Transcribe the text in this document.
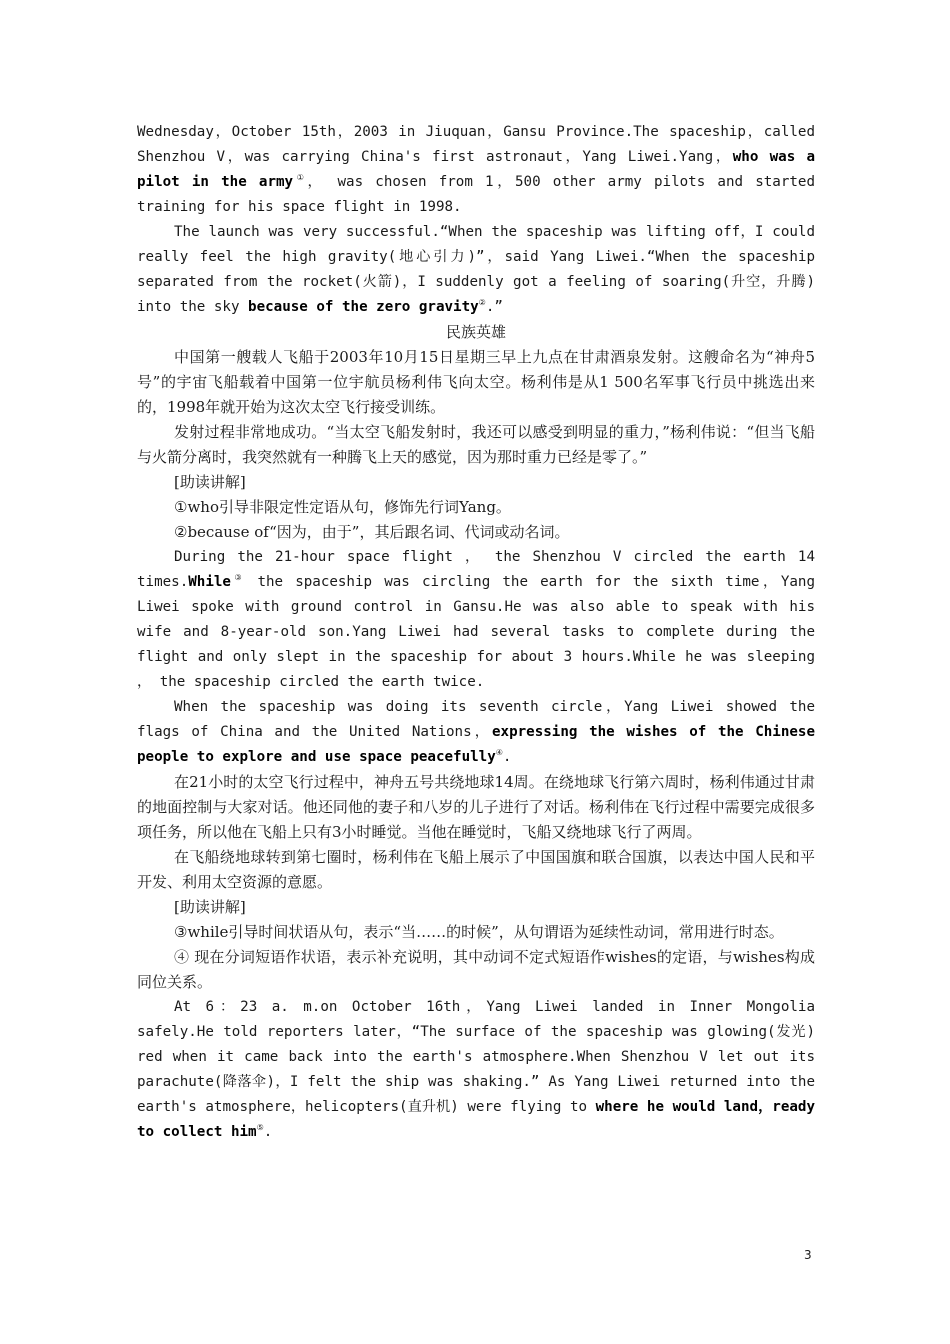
Wednesday，October 15th，2003 in Jiuquan，Gansu Province.The spaceship，called Shenzhou V，was carrying China's first astronaut，Yang Liwei.Yang，who was a pilot in the army①， was chosen from 1，500 other army pilots and started training for his space flight in 1998.

The launch was very successful.“When the spaceship was lifting off，I could really feel the high gravity(地心引力)”，said Yang Liwei.“When the spaceship separated from the rocket(火箭)，I suddenly got a feeling of soaring(升空，升腾) into the sky because of the zero gravity②.”

民族英雄

中国第一艘载人飞船于2003年10月15日星期三早上九点在甘肃酒泉发射。这艘命名为“神舟5号”的宇宙飞船载着中国第一位宇航员杨利伟飞向太空。杨利伟是从1 500名军事飞行员中挑选出来的，1998年就开始为这次太空飞行接受训练。

发射过程非常地成功。“当太空飞船发射时，我还可以感受到明显的重力，”杨利伟说：“但当飞船与火箭分离时，我突然就有一种腾飞上天的感觉，因为那时重力已经是零了。”

[助读讲解]

①who引导非限定性定语从句，修饰先行词Yang。

②because of“因为，由于”，其后跟名词、代词或动名词。

During the 21-hour space flight ， the Shenzhou V circled the earth 14 times.While③ the spaceship was circling the earth for the sixth time，Yang Liwei spoke with ground control in Gansu.He was also able to speak with his wife and 8-year-old son.Yang Liwei had several tasks to complete during the flight and only slept in the spaceship for about 3 hours.While he was sleeping ， the spaceship circled the earth twice.

When the spaceship was doing its seventh circle，Yang Liwei showed the flags of China and the United Nations，expressing the wishes of the Chinese people to explore and use space peacefully④.

在21小时的太空飞行过程中，神舟五号共绕地球14周。在绕地球飞行第六周时，杨利伟通过甘肃的地面控制与大家对话。他还同他的妻子和八岁的儿子进行了对话。杨利伟在飞行过程中需要完成很多项任务，所以他在飞船上只有3小时睡觉。当他在睡觉时，飞船又绕地球飞行了两周。

在飞船绕地球转到第七圈时，杨利伟在飞船上展示了中国国旗和联合国旗，以表达中国人民和平开发、利用太空资源的意愿。

[助读讲解]

③while引导时间状语从句，表示“当……的时候”，从句谓语为延续性动词，常用进行时态。

④ 现在分词短语作状语，表示补充说明，其中动词不定式短语作wishes的定语，与wishes构成同位关系。

At 6：23 a. m.on October 16th，Yang Liwei landed in Inner Mongolia safely.He told reporters later，“The surface of the spaceship was glowing(发光) red when it came back into the earth's atmosphere.When Shenzhou V let out its parachute(降落伞)，I felt the ship was shaking.” As Yang Liwei returned into the earth's atmosphere，helicopters(直升机) were flying to where he would land，ready to collect him⑤.

3
